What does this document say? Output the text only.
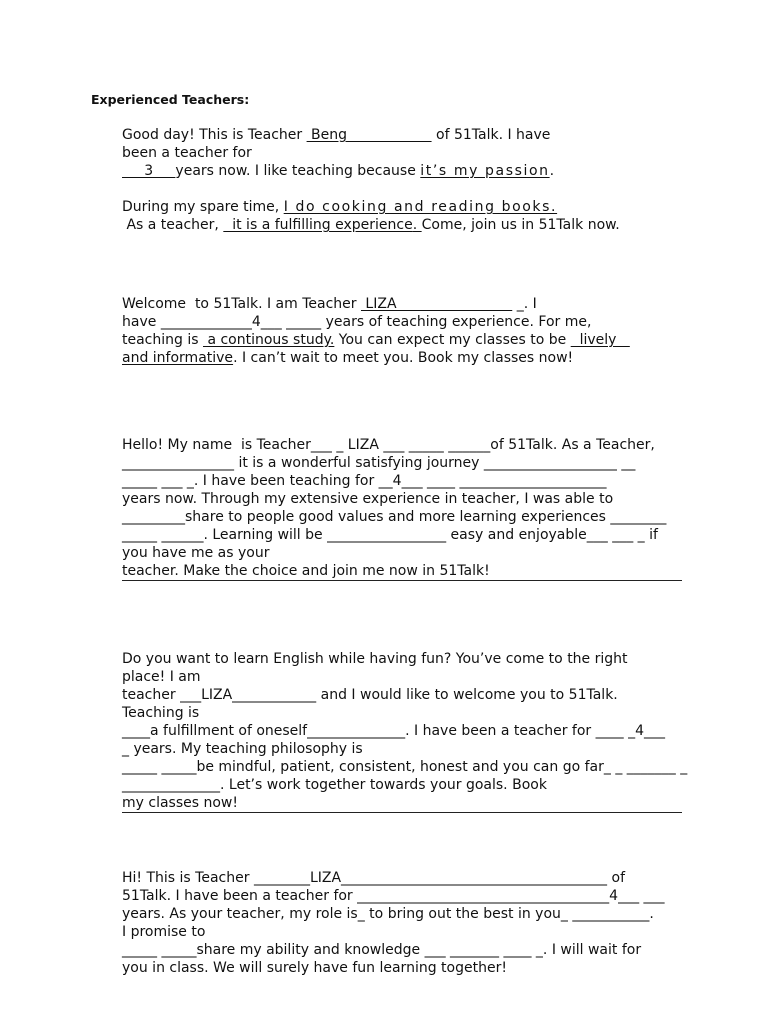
Experienced Teachers:
Good day! This is Teacher  Beng                    of 51Talk. I have
been a teacher for
3     years now. I like teaching because it’s my passion.
During my spare time, I do cooking and reading books.
As a teacher,   it is a fulfilling experience. Come, join us in 51Talk now.
Welcome  to 51Talk. I am Teacher  LIZA                           _. I
have _____________4___ _____ years of teaching experience. For me,
teaching is  a continous study. You can expect my classes to be   lively
and informative. I can’t wait to meet you. Book my classes now!
Hello! My name  is Teacher___ _ LIZA ___ _____ ______of 51Talk. As a Teacher,
________________ it is a wonderful satisfying journey ___________________ __
_____ ___ _. I have been teaching for __4___ ____ _____________________
years now. Through my extensive experience in teacher, I was able to
_________share to people good values and more learning experiences ________
_____ ______. Learning will be _________________ easy and enjoyable___ ___ _ if
you have me as your
teacher. Make the choice and join me now in 51Talk!
Do you want to learn English while having fun? You’ve come to the right
place! I am
teacher ___LIZA____________ and I would like to welcome you to 51Talk.
Teaching is
____a fulfillment of oneself______________. I have been a teacher for ____ _4___
_ years. My teaching philosophy is
_____ _____be mindful, patient, consistent, honest and you can go far_ _ _______ _
______________. Let’s work together towards your goals. Book
my classes now!
Hi! This is Teacher ________LIZA______________________________________ of
51Talk. I have been a teacher for ____________________________________4___ ___
years. As your teacher, my role is_ to bring out the best in you_ ___________.
I promise to
_____ _____share my ability and knowledge ___ _______ ____ _. I will wait for
you in class. We will surely have fun learning together!
